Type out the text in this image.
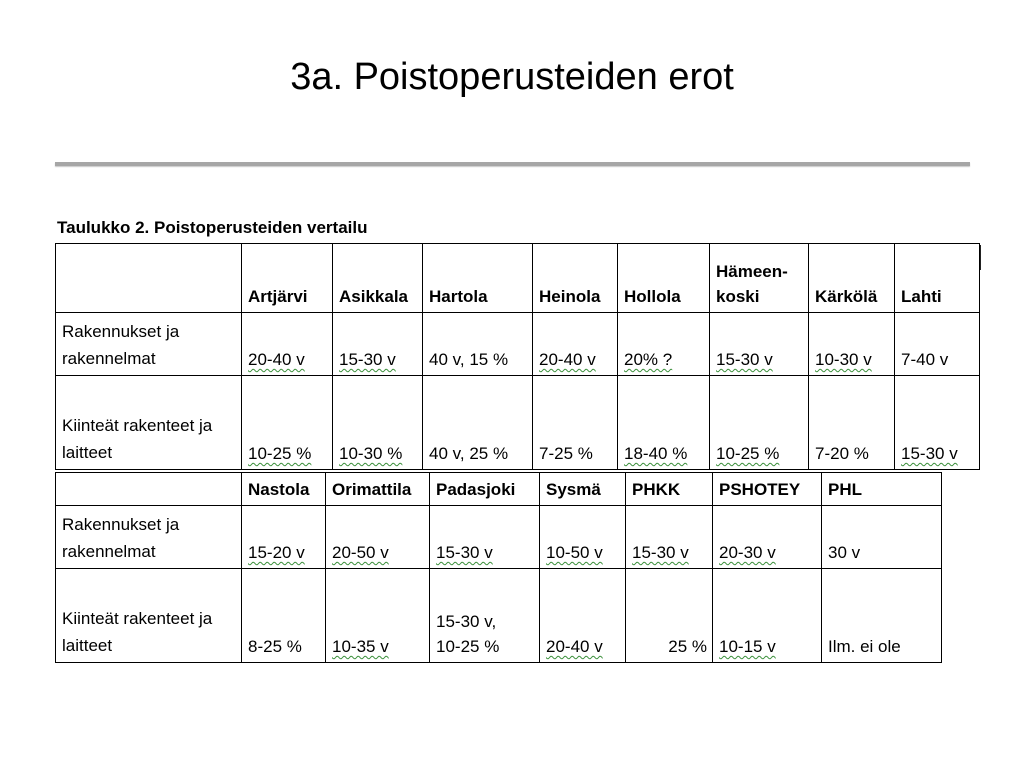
3a. Poistoperusteiden erot
Taulukko 2. Poistoperusteiden vertailu
	Artjärvi	Asikkala	Hartola	Heinola	Hollola	Hämeen-
koski	Kärkölä	Lahti
Rakennukset ja rakennelmat	20-40 v	15-30 v	40 v, 15 %	20-40 v	20% ?	15-30 v	10-30 v	7-40 v
Kiinteät rakenteet ja laitteet	10-25 %	10-30 %	40 v, 25 %	7-25 %	18-40 %	10-25 %	7-20 %	15-30 v
	Nastola	Orimattila	Padasjoki	Sysmä	PHKK	PSHOTEY	PHL
Rakennukset ja rakennelmat	15-20 v	20-50 v	15-30 v	10-50 v	15-30 v	20-30 v	30 v
Kiinteät rakenteet ja laitteet	8-25 %	10-35 v	15-30 v,
10-25 %	20-40 v	25 %	10-15 v	Ilm. ei ole
